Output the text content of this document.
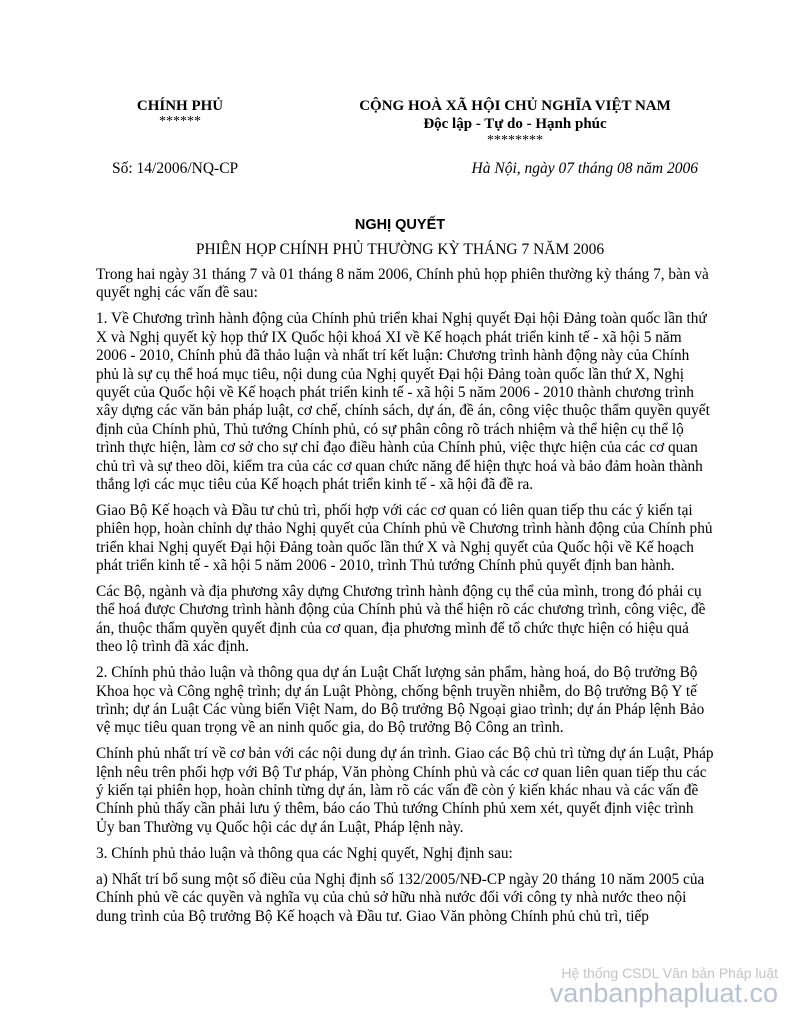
CHÍNH PHỦ
******
CỘNG HOÀ XÃ HỘI CHỦ NGHĨA VIỆT NAM
Độc lập - Tự do - Hạnh phúc
********
Số: 14/2006/NQ-CP	Hà Nội, ngày 07 tháng 08 năm 2006
NGHỊ QUYẾT
PHIÊN HỌP CHÍNH PHỦ THƯỜNG KỲ THÁNG 7 NĂM 2006

Trong hai ngày 31 tháng 7 và 01 tháng 8 năm 2006, Chính phủ họp phiên thường kỳ tháng 7, bàn và quyết nghị các vấn đề sau:

1. Về Chương trình hành động của Chính phủ triển khai Nghị quyết Đại hội Đảng toàn quốc lần thứ X và Nghị quyết kỳ họp thứ IX Quốc hội khoá XI về Kế hoạch phát triển kinh tế - xã hội 5 năm 2006 - 2010, Chính phủ đã thảo luận và nhất trí kết luận: Chương trình hành động này của Chính phủ là sự cụ thể hoá mục tiêu, nội dung của Nghị quyết Đại hội Đảng toàn quốc lần thứ X, Nghị quyết của Quốc hội về Kế hoạch phát triển kinh tế - xã hội 5 năm 2006 - 2010 thành chương trình xây dựng các văn bản pháp luật, cơ chế, chính sách, dự án, đề án, công việc thuộc thẩm quyền quyết định của Chính phủ, Thủ tướng Chính phủ, có sự phân công rõ trách nhiệm và thể hiện cụ thể lộ trình thực hiện, làm cơ sở cho sự chỉ đạo điều hành của Chính phủ, việc thực hiện của các cơ quan chủ trì và sự theo dõi, kiểm tra của các cơ quan chức năng để hiện thực hoá và bảo đảm hoàn thành thắng lợi các mục tiêu của Kế hoạch phát triển kinh tế - xã hội đã đề ra.

Giao Bộ Kế hoạch và Đầu tư chủ trì, phối hợp với các cơ quan có liên quan tiếp thu các ý kiến tại phiên họp, hoàn chỉnh dự thảo Nghị quyết của Chính phủ về Chương trình hành động của Chính phủ triển khai Nghị quyết Đại hội Đảng toàn quốc lần thứ X và Nghị quyết của Quốc hội về Kế hoạch phát triển kinh tế - xã hội 5 năm 2006 - 2010, trình Thủ tướng Chính phủ quyết định ban hành.

Các Bộ, ngành và địa phương xây dựng Chương trình hành động cụ thể của mình, trong đó phải cụ thể hoá được Chương trình hành động của Chính phủ và thể hiện rõ các chương trình, công việc, đề án, thuộc thẩm quyền quyết định của cơ quan, địa phương mình để tổ chức thực hiện có hiệu quả theo lộ trình đã xác định.

2. Chính phủ thảo luận và thông qua dự án Luật Chất lượng sản phẩm, hàng hoá, do Bộ trưởng Bộ Khoa học và Công nghệ trình; dự án Luật Phòng, chống bệnh truyền nhiễm, do Bộ trưởng Bộ Y tế trình; dự án Luật Các vùng biển Việt Nam, do Bộ trưởng Bộ Ngoại giao trình; dự án Pháp lệnh Bảo vệ mục tiêu quan trọng về an ninh quốc gia, do Bộ trưởng Bộ Công an trình.

Chính phủ nhất trí về cơ bản với các nội dung dự án trình. Giao các Bộ chủ trì từng dự án Luật, Pháp lệnh nêu trên phối hợp với Bộ Tư pháp, Văn phòng Chính phủ và các cơ quan liên quan tiếp thu các ý kiến tại phiên họp, hoàn chỉnh từng dự án, làm rõ các vấn đề còn ý kiến khác nhau và các vấn đề Chính phủ thấy cần phải lưu ý thêm, báo cáo Thủ tướng Chính phủ xem xét, quyết định việc trình Ủy ban Thường vụ Quốc hội các dự án Luật, Pháp lệnh này.

3. Chính phủ thảo luận và thông qua các Nghị quyết, Nghị định sau:

a) Nhất trí bổ sung một số điều của Nghị định số 132/2005/NĐ-CP ngày 20 tháng 10 năm 2005 của Chính phủ về các quyền và nghĩa vụ của chủ sở hữu nhà nước đối với công ty nhà nước theo nội dung trình của Bộ trưởng Bộ Kế hoạch và Đầu tư. Giao Văn phòng Chính phủ chủ trì, tiếp

Hệ thống CSDL Văn bản Pháp luật
vanbanphapluat.co
